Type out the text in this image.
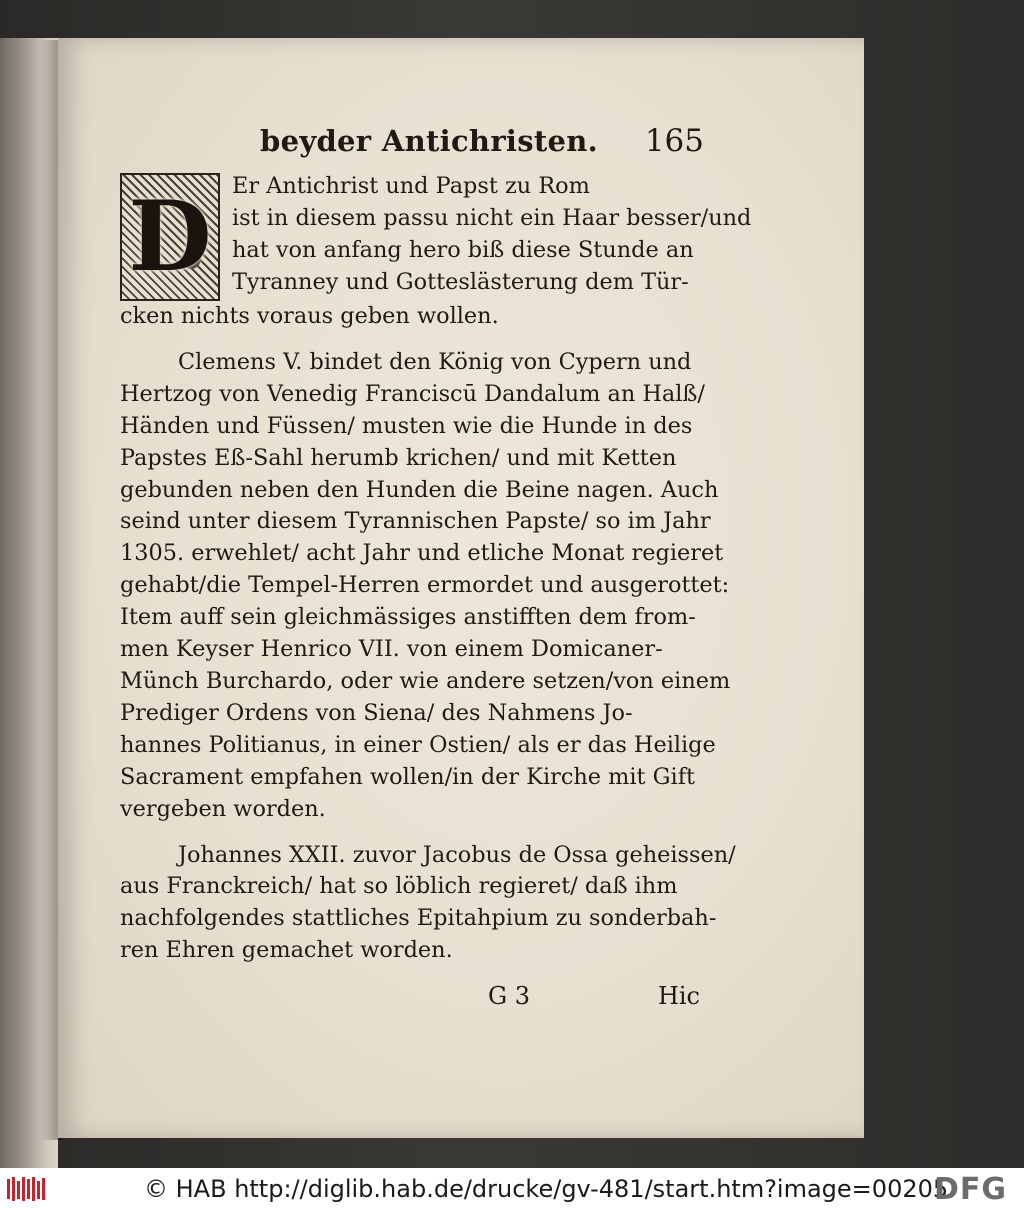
beyder Antichristen. 165
D Er Antichrist und Papst zu Rom
ist in diesem passu nicht ein Haar besser/und
hat von anfang hero biß diese Stunde an
Tyranney und Gotteslästerung dem Tür-
cken nichts voraus geben wollen.
Clemens V. bindet den König von Cypern und
Hertzog von Venedig Franciscū Dandalum an Halß/
Händen und Füssen/ musten wie die Hunde in des
Papstes Eß-Sahl herumb krichen/ und mit Ketten
gebunden neben den Hunden die Beine nagen. Auch
seind unter diesem Tyrannischen Papste/ so im Jahr
1305. erwehlet/ acht Jahr und etliche Monat regieret
gehabt/die Tempel-Herren ermordet und ausgerottet:
Item auff sein gleichmässiges anstifften dem from-
men Keyser Henrico VII. von einem Domicaner-
Münch Burchardo, oder wie andere setzen/von einem
Prediger Ordens von Siena/ des Nahmens Jo-
hannes Politianus, in einer Ostien/ als er das Heilige
Sacrament empfahen wollen/in der Kirche mit Gift
vergeben worden.
Johannes XXII. zuvor Jacobus de Ossa geheissen/
aus Franckreich/ hat so löblich regieret/ daß ihm
nachfolgendes stattliches Epitahpium zu sonderbah-
ren Ehren gemachet worden.
G 3	Hic
© HAB http://diglib.hab.de/drucke/gv-481/start.htm?image=00205
DFG
